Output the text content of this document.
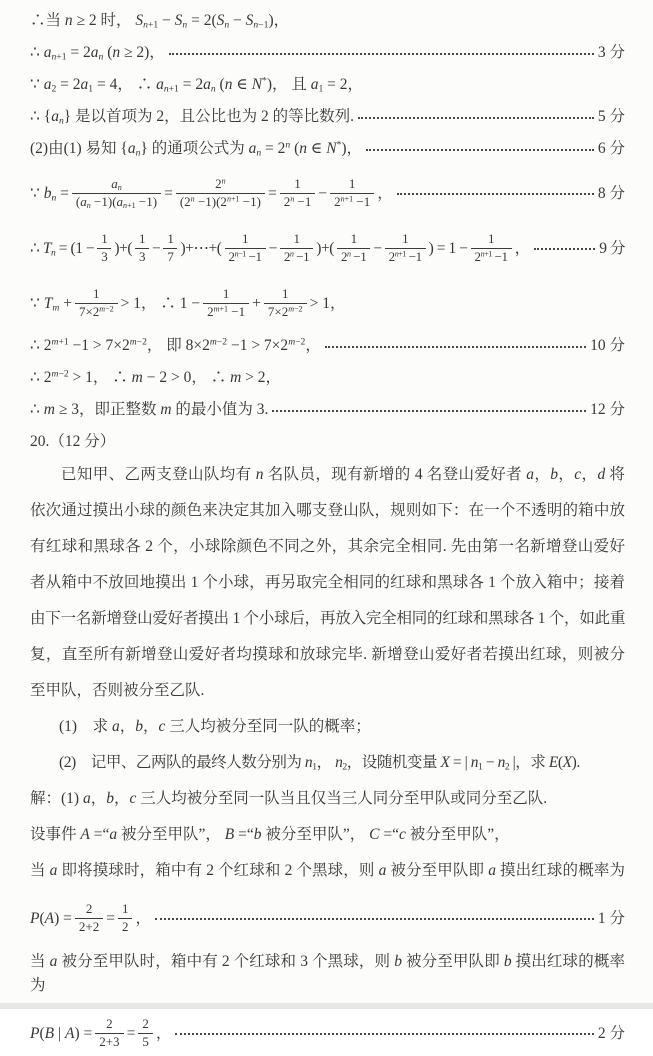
∴当 n ≥ 2 时， $S_{n+1} - S_n = 2(S_n - S_{n-1})$，
∴ $a_{n+1} = 2a_n$ (n ≥ 2)，	3 分
∵ $a_2 = 2a_1 = 4$， ∴ $a_{n+1} = 2a_n$ (n ∈ N*)， 且 $a_1 = 2$，
∴ $\{a_n\}$ 是以首项为 2，且公比也为 2 的等比数列.	5 分
(2)由(1) 易知 $\{a_n\}$ 的通项公式为 $a_n = 2^n$ (n ∈ N*)，	6 分
∵ $b_n = \frac{a_n}{(a_n -1)(a_{n+1} -1)} = \frac{2^n}{(2^n -1)(2^{n+1} -1)} = \frac{1}{2^n -1} - \frac{1}{2^{n+1} -1}$ ，	8 分
∴ $T_n = (1 - \frac{1}{3}$ )+( $\frac{1}{3} - \frac{1}{7}$ )+⋯+( $\frac{1}{2^{n-1} -1} - \frac{1}{2^n -1}$ )+( $\frac{1}{2^n -1} - \frac{1}{2^{n+1} -1}$ ) = $1 - \frac{1}{2^{n+1} -1}$ ，	9 分
∵ $T_m + \frac{1}{7\times 2^{m-2}} > 1$， ∴ $1 - \frac{1}{2^{m+1} -1} + \frac{1}{7\times 2^{m-2}} > 1$，
∴ $2^{m+1} -1 > 7\times 2^{m-2}$， 即 $8\times 2^{m-2} -1 > 7\times 2^{m-2}$，	10 分
∴ $2^{m-2} > 1$， ∴ m − 2 > 0， ∴ m > 2，
∴ m ≥ 3，即正整数 m 的最小值为 3.	12 分
20.（12 分）
已知甲、乙两支登山队均有 n 名队员，现有新增的 4 名登山爱好者 a，b，c，d 将
依次通过摸出小球的颜色来决定其加入哪支登山队，规则如下：在一个不透明的箱中放
有红球和黑球各 2 个，小球除颜色不同之外，其余完全相同. 先由第一名新增登山爱好
者从箱中不放回地摸出 1 个小球，再另取完全相同的红球和黑球各 1 个放入箱中；接着
由下一名新增登山爱好者摸出 1 个小球后，再放入完全相同的红球和黑球各 1 个，如此重
复，直至所有新增登山爱好者均摸球和放球完毕. 新增登山爱好者若摸出红球，则被分
至甲队，否则被分至乙队.
(1)　求 a，b，c 三人均被分至同一队的概率；
(2)　记甲、乙两队的最终人数分别为 $n_1$， $n_2$，设随机变量 X = | $n_1 - n_2$ |，求 E(X).
解：(1) a，b，c 三人均被分至同一队当且仅当三人同分至甲队或同分至乙队.
设事件 A =“a 被分至甲队”， B =“b 被分至甲队”， C =“c 被分至甲队”，
当 a 即将摸球时，箱中有 2 个红球和 2 个黑球，则 a 被分至甲队即 a 摸出红球的概率为
$P(A) = \frac{2}{2+2} = \frac{1}{2}$ ，	1 分
当 a 被分至甲队时，箱中有 2 个红球和 3 个黑球，则 b 被分至甲队即 b 摸出红球的概率为
P(B | $A) = \frac{2}{2+3} = \frac{2}{5}$ ，	2 分
